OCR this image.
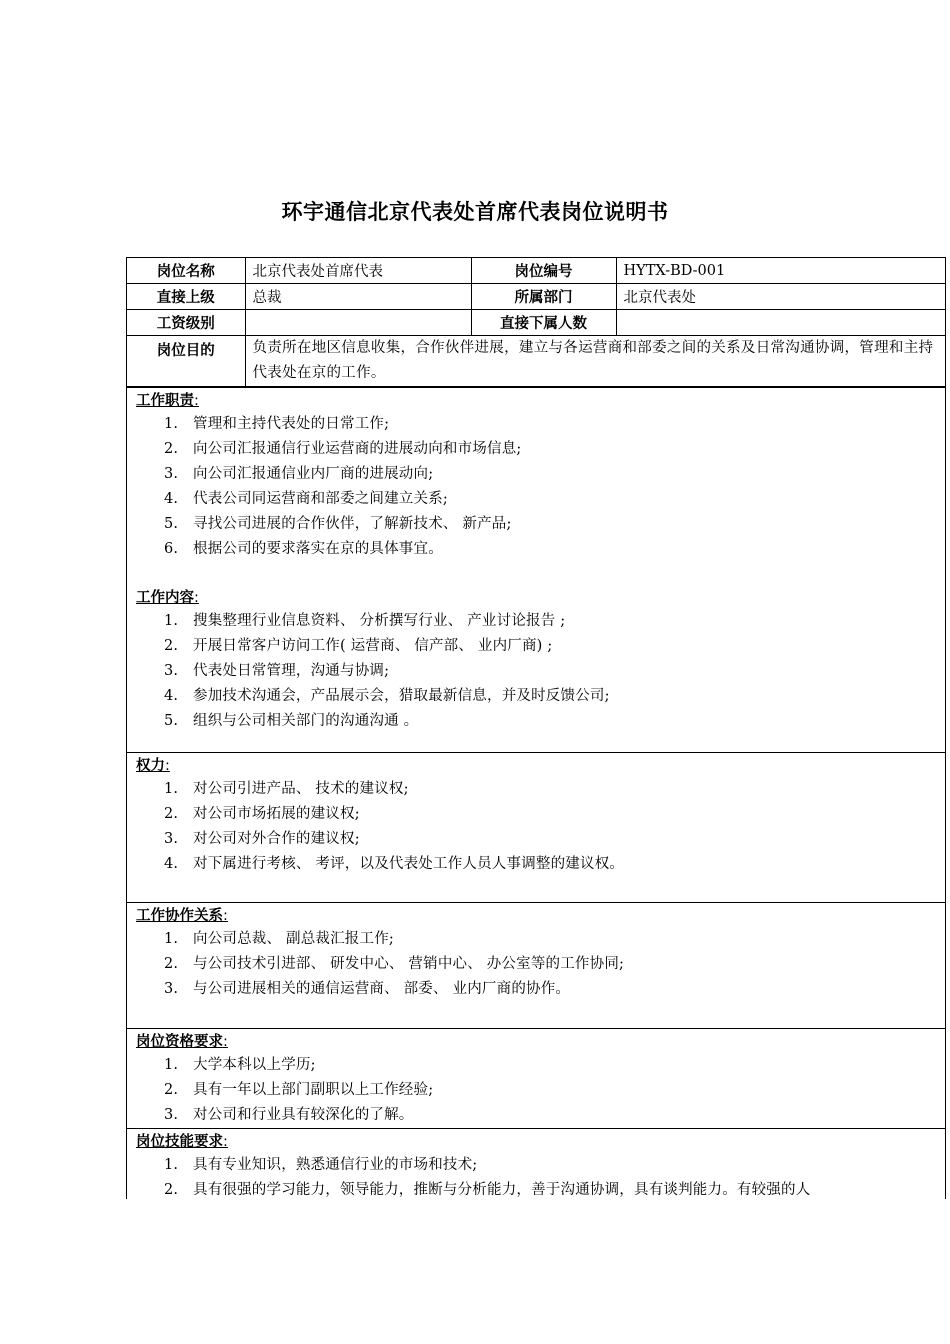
环宇通信北京代表处首席代表岗位说明书
岗位名称	北京代表处首席代表	岗位编号	HYTX-BD-001
直接上级	总裁	所属部门	北京代表处
工资级别		直接下属人数	
岗位目的	负责所在地区信息收集，合作伙伴进展，建立与各运营商和部委之间的关系及日常沟通协调，管理和主持代表处在京的工作。		
工作职责:
1.	管理和主持代表处的日常工作;
2.	向公司汇报通信行业运营商的进展动向和市场信息;
3.	向公司汇报通信业内厂商的进展动向;
4.	代表公司同运营商和部委之间建立关系;
5.	寻找公司进展的合作伙伴，了解新技术、 新产品;
6.	根据公司的要求落实在京的具体事宜。
工作内容:
1.	搜集整理行业信息资料、 分析撰写行业、 产业讨论报告 ;
2.	开展日常客户访问工作( 运营商、 信产部、 业内厂商) ;
3.	代表处日常管理，沟通与协调;
4.	参加技术沟通会，产品展示会，猎取最新信息，并及时反馈公司;
5.	组织与公司相关部门的沟通沟通 。
权力:
1.	对公司引进产品、 技术的建议权;
2.	对公司市场拓展的建议权;
3.	对公司对外合作的建议权;
4.	对下属进行考核、 考评，以及代表处工作人员人事调整的建议权。
工作协作关系:
1.	向公司总裁、 副总裁汇报工作;
2.	与公司技术引进部、 研发中心、 营销中心、 办公室等的工作协同;
3.	与公司进展相关的通信运营商、 部委、 业内厂商的协作。
岗位资格要求:
1.	大学本科以上学历;
2.	具有一年以上部门副职以上工作经验;
3.	对公司和行业具有较深化的了解。
岗位技能要求:
1.	具有专业知识，熟悉通信行业的市场和技术;
2.	具有很强的学习能力，领导能力，推断与分析能力，善于沟通协调，具有谈判能力。有较强的人
